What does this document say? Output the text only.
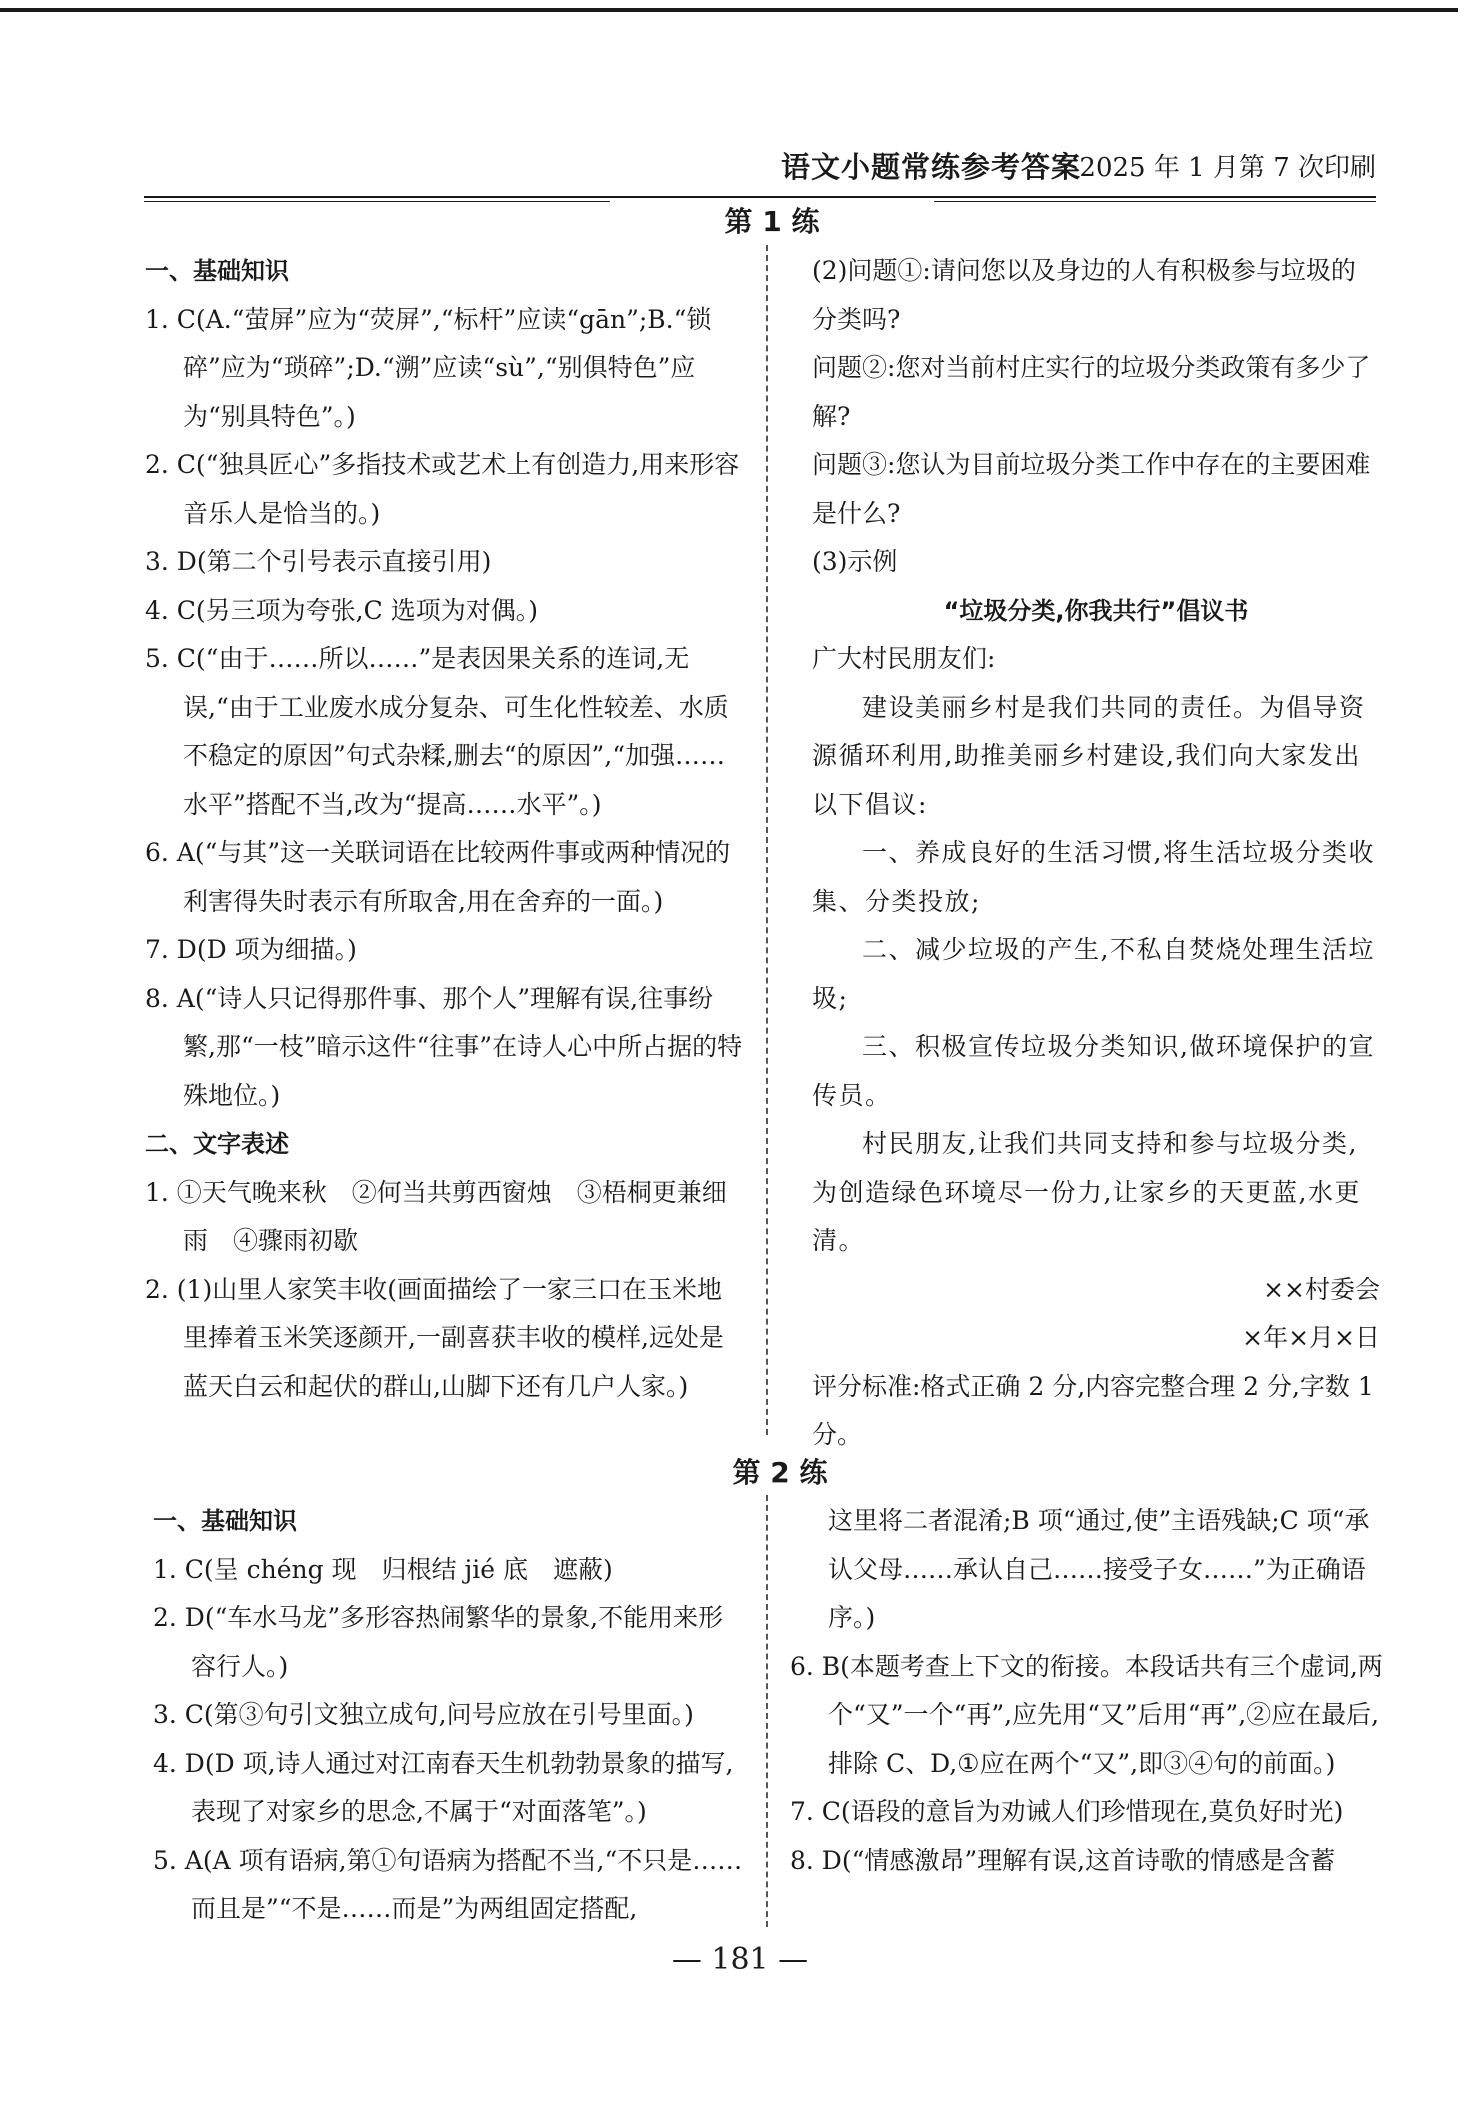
语文小题常练参考答案
2025 年 1 月第 7 次印刷
第 1 练

一、基础知识

1. C(A.“萤屏”应为“荧屏”,“标杆”应读“gān”;B.“锁碎”应为“琐碎”;D.“溯”应读“sù”,“别俱特色”应为“别具特色”。)

2. C(“独具匠心”多指技术或艺术上有创造力,用来形容音乐人是恰当的。)

3. D(第二个引号表示直接引用)

4. C(另三项为夸张,C 选项为对偶。)

5. C(“由于……所以……”是表因果关系的连词,无误,“由于工业废水成分复杂、可生化性较差、水质不稳定的原因”句式杂糅,删去“的原因”,“加强……水平”搭配不当,改为“提高……水平”。)

6. A(“与其”这一关联词语在比较两件事或两种情况的利害得失时表示有所取舍,用在舍弃的一面。)

7. D(D 项为细描。)

8. A(“诗人只记得那件事、那个人”理解有误,往事纷繁,那“一枝”暗示这件“往事”在诗人心中所占据的特殊地位。)

二、文字表述

1. ①天气晚来秋　②何当共剪西窗烛　③梧桐更兼细雨　④骤雨初歇

2. (1)山里人家笑丰收(画面描绘了一家三口在玉米地里捧着玉米笑逐颜开,一副喜获丰收的模样,远处是蓝天白云和起伏的群山,山脚下还有几户人家。)

(2)问题①:请问您以及身边的人有积极参与垃圾的分类吗?

问题②:您对当前村庄实行的垃圾分类政策有多少了解?

问题③:您认为目前垃圾分类工作中存在的主要困难是什么?

(3)示例

“垃圾分类,你我共行”倡议书

广大村民朋友们:

建设美丽乡村是我们共同的责任。为倡导资源循环利用,助推美丽乡村建设,我们向大家发出以下倡议:

一、养成良好的生活习惯,将生活垃圾分类收集、分类投放;

二、减少垃圾的产生,不私自焚烧处理生活垃圾;

三、积极宣传垃圾分类知识,做环境保护的宣传员。

村民朋友,让我们共同支持和参与垃圾分类,为创造绿色环境尽一份力,让家乡的天更蓝,水更清。

××村委会

×年×月×日

评分标准:格式正确 2 分,内容完整合理 2 分,字数 1 分。

第 2 练

一、基础知识

1. C(呈 chéng 现　归根结 jié 底　遮蔽)

2. D(“车水马龙”多形容热闹繁华的景象,不能用来形容行人。)

3. C(第③句引文独立成句,问号应放在引号里面。)

4. D(D 项,诗人通过对江南春天生机勃勃景象的描写,表现了对家乡的思念,不属于“对面落笔”。)

5. A(A 项有语病,第①句语病为搭配不当,“不只是……而且是”“不是……而是”为两组固定搭配,

这里将二者混淆;B 项“通过,使”主语残缺;C 项“承认父母……承认自己……接受子女……”为正确语序。)

6. B(本题考查上下文的衔接。本段话共有三个虚词,两个“又”一个“再”,应先用“又”后用“再”,②应在最后,排除 C、D,①应在两个“又”,即③④句的前面。)

7. C(语段的意旨为劝诫人们珍惜现在,莫负好时光)

8. D(“情感激昂”理解有误,这首诗歌的情感是含蓄

— 181 —
